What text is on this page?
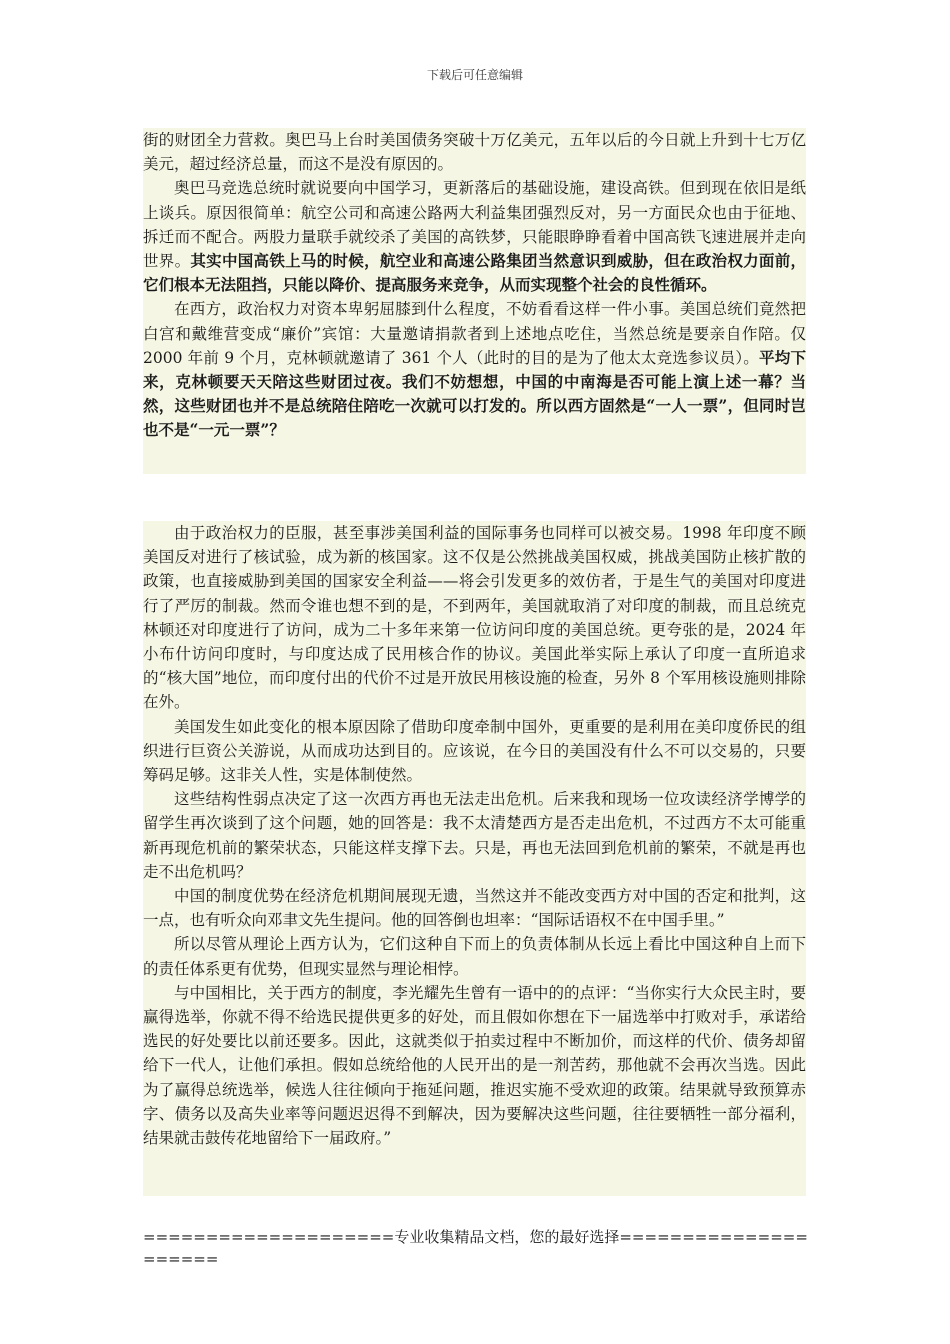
下载后可任意编辑

街的财团全力营救。奥巴马上台时美国债务突破十万亿美元，五年以后的今日就上升到十七万亿美元，超过经济总量，而这不是没有原因的。

奥巴马竞选总统时就说要向中国学习，更新落后的基础设施，建设高铁。但到现在依旧是纸上谈兵。原因很简单：航空公司和高速公路两大利益集团强烈反对，另一方面民众也由于征地、拆迁而不配合。两股力量联手就绞杀了美国的高铁梦，只能眼睁睁看着中国高铁飞速进展并走向世界。其实中国高铁上马的时候，航空业和高速公路集团当然意识到威胁，但在政治权力面前，它们根本无法阻挡，只能以降价、提高服务来竞争，从而实现整个社会的良性循环。

在西方，政治权力对资本卑躬屈膝到什么程度，不妨看看这样一件小事。美国总统们竟然把白宫和戴维营变成“廉价”宾馆：大量邀请捐款者到上述地点吃住，当然总统是要亲自作陪。仅 2000 年前 9 个月，克林顿就邀请了 361 个人（此时的目的是为了他太太竞选参议员）。平均下来，克林顿要天天陪这些财团过夜。我们不妨想想，中国的中南海是否可能上演上述一幕？当然，这些财团也并不是总统陪住陪吃一次就可以打发的。所以西方固然是“一人一票”，但同时岂也不是“一元一票”？

由于政治权力的臣服，甚至事涉美国利益的国际事务也同样可以被交易。1998 年印度不顾美国反对进行了核试验，成为新的核国家。这不仅是公然挑战美国权威，挑战美国防止核扩散的政策，也直接威胁到美国的国家安全利益——将会引发更多的效仿者，于是生气的美国对印度进行了严厉的制裁。然而令谁也想不到的是，不到两年，美国就取消了对印度的制裁，而且总统克林顿还对印度进行了访问，成为二十多年来第一位访问印度的美国总统。更夸张的是，2024 年小布什访问印度时，与印度达成了民用核合作的协议。美国此举实际上承认了印度一直所追求的“核大国”地位，而印度付出的代价不过是开放民用核设施的检查，另外 8 个军用核设施则排除在外。

美国发生如此变化的根本原因除了借助印度牵制中国外，更重要的是利用在美印度侨民的组织进行巨资公关游说，从而成功达到目的。应该说，在今日的美国没有什么不可以交易的，只要筹码足够。这非关人性，实是体制使然。

这些结构性弱点决定了这一次西方再也无法走出危机。后来我和现场一位攻读经济学博学的留学生再次谈到了这个问题，她的回答是：我不太清楚西方是否走出危机，不过西方不太可能重新再现危机前的繁荣状态，只能这样支撑下去。只是，再也无法回到危机前的繁荣，不就是再也走不出危机吗？

中国的制度优势在经济危机期间展现无遗，当然这并不能改变西方对中国的否定和批判，这一点，也有听众向邓聿文先生提问。他的回答倒也坦率：“国际话语权不在中国手里。”

所以尽管从理论上西方认为，它们这种自下而上的负责体制从长远上看比中国这种自上而下的责任体系更有优势，但现实显然与理论相悖。

与中国相比，关于西方的制度，李光耀先生曾有一语中的的点评：“当你实行大众民主时，要赢得选举，你就不得不给选民提供更多的好处，而且假如你想在下一届选举中打败对手，承诺给选民的好处要比以前还要多。因此，这就类似于拍卖过程中不断加价，而这样的代价、债务却留给下一代人，让他们承担。假如总统给他的人民开出的是一剂苦药，那他就不会再次当选。因此为了赢得总统选举，候选人往往倾向于拖延问题，推迟实施不受欢迎的政策。结果就导致预算赤字、债务以及高失业率等问题迟迟得不到解决，因为要解决这些问题，往往要牺牲一部分福利，结果就击鼓传花地留给下一届政府。”

====================专业收集精品文档，您的最好选择=====================
